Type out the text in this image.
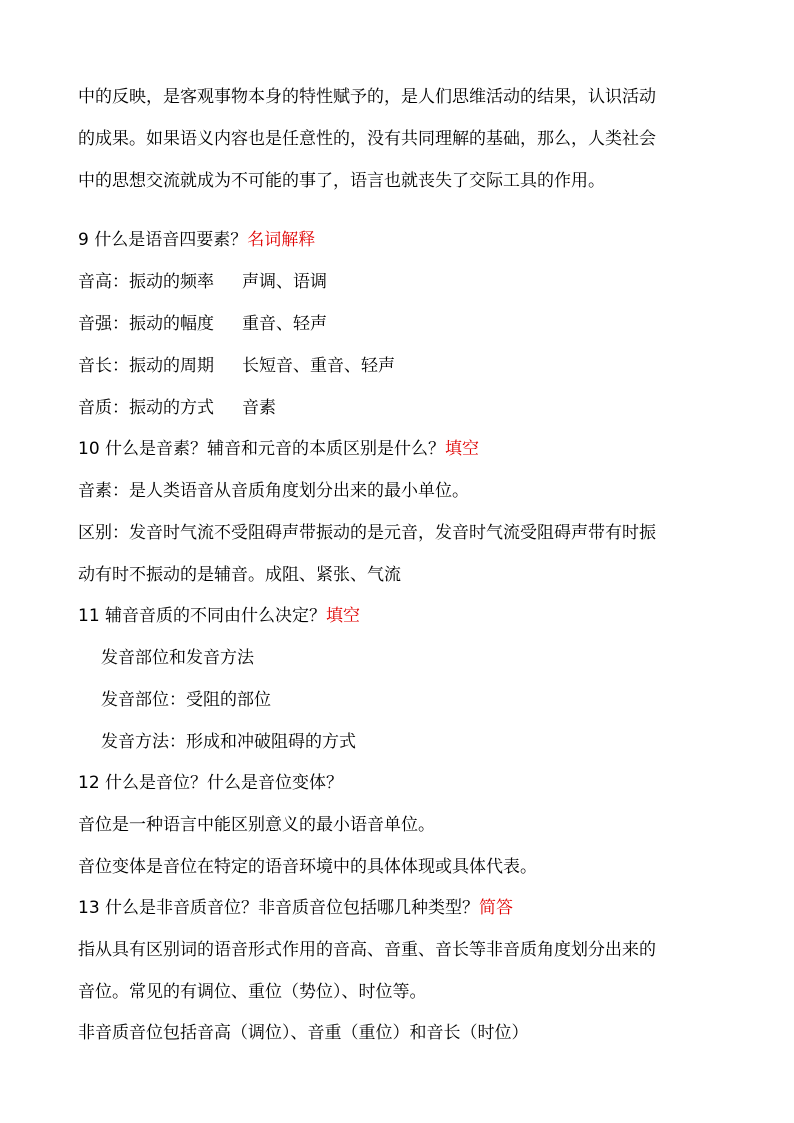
中的反映，是客观事物本身的特性赋予的，是人们思维活动的结果，认识活动
的成果。如果语义内容也是任意性的，没有共同理解的基础，那么，人类社会
中的思想交流就成为不可能的事了，语言也就丧失了交际工具的作用。
9 什么是语音四要素？名词解释
音高：振动的频率 声调、语调
音强：振动的幅度 重音、轻声
音长：振动的周期 长短音、重音、轻声
音质：振动的方式 音素
10 什么是音素？辅音和元音的本质区别是什么？填空
音素：是人类语音从音质角度划分出来的最小单位。
区别：发音时气流不受阻碍声带振动的是元音，发音时气流受阻碍声带有时振
动有时不振动的是辅音。成阻、紧张、气流
11 辅音音质的不同由什么决定？填空
发音部位和发音方法
发音部位：受阻的部位
发音方法：形成和冲破阻碍的方式
12 什么是音位？什么是音位变体？
音位是一种语言中能区别意义的最小语音单位。
音位变体是音位在特定的语音环境中的具体体现或具体代表。
13 什么是非音质音位？非音质音位包括哪几种类型？简答
指从具有区别词的语音形式作用的音高、音重、音长等非音质角度划分出来的
音位。常见的有调位、重位（势位）、时位等。
非音质音位包括音高（调位）、音重（重位）和音长（时位）
